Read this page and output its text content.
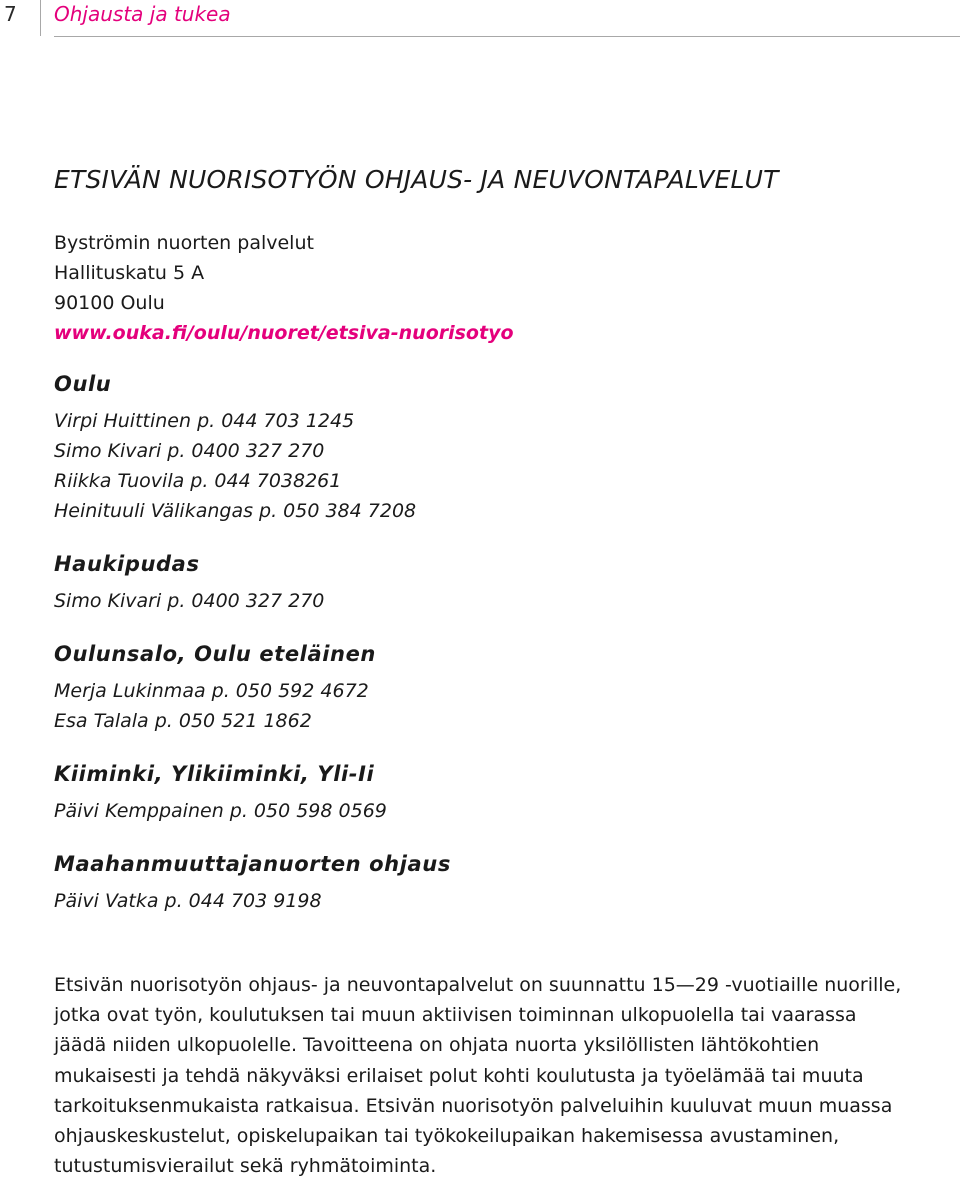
7 Ohjausta ja tukea
ETSIVÄN NUORISOTYÖN OHJAUS- JA NEUVONTAPALVELUT
Byströmin nuorten palvelut
Hallituskatu 5 A
90100 Oulu
www.ouka.fi/oulu/nuoret/etsiva-nuorisotyo
Oulu
Virpi Huittinen p. 044 703 1245
Simo Kivari p. 0400 327 270
Riikka Tuovila p. 044 7038261
Heinituuli Välikangas p. 050 384 7208
Haukipudas
Simo Kivari p. 0400 327 270
Oulunsalo, Oulu eteläinen
Merja Lukinmaa p. 050 592 4672
Esa Talala p. 050 521 1862
Kiiminki, Ylikiiminki, Yli-Ii
Päivi Kemppainen p. 050 598 0569
Maahanmuuttajanuorten ohjaus
Päivi Vatka p. 044 703 9198

Etsivän nuorisotyön ohjaus- ja neuvontapalvelut on suunnattu 15—29 -vuotiaille nuorille, jotka ovat työn, koulutuksen tai muun aktiivisen toiminnan ulkopuolella tai vaarassa jäädä niiden ulkopuolelle. Tavoitteena on ohjata nuorta yksilöllisten lähtökohtien mukaisesti ja tehdä näkyväksi erilaiset polut kohti koulutusta ja työelämää tai muuta tarkoituksenmukaista ratkaisua. Etsivän nuorisotyön palveluihin kuuluvat muun muassa ohjauskeskustelut, opiskelupaikan tai työkokeilupaikan hakemisessa avustaminen, tutustumisvierailut sekä ryhmätoiminta.
